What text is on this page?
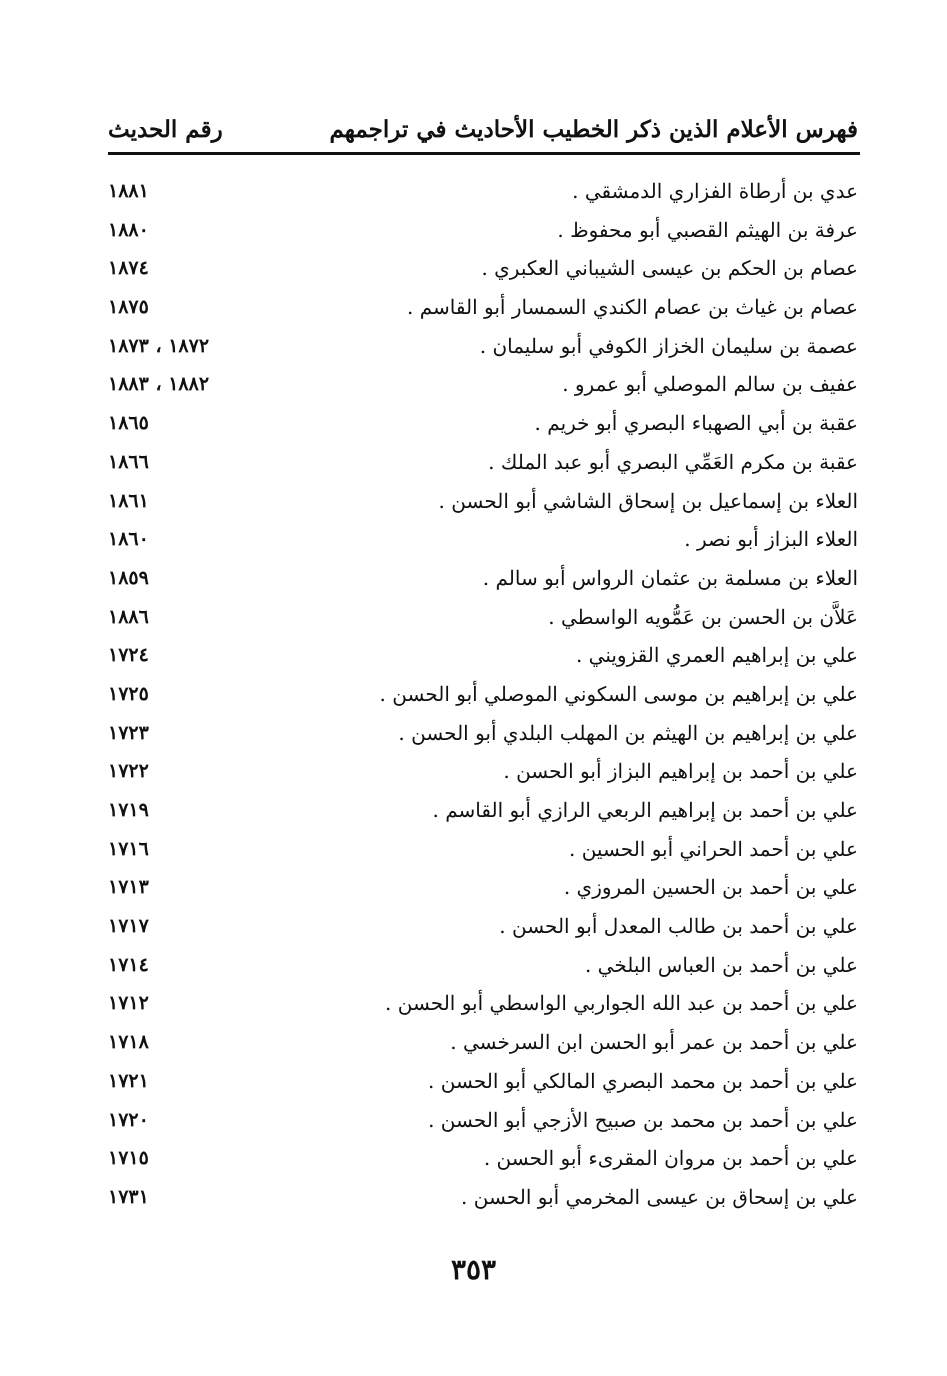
فهرس الأعلام الذين ذكر الخطيب الأحاديث في تراجمهم
رقم الحديث
عدي بن أرطاة الفزاري الدمشقي .
١٨٨١
عرفة بن الهيثم القصبي أبو محفوظ .
١٨٨٠
عصام بن الحكم بن عيسى الشيباني العكبري .
١٨٧٤
عصام بن غياث بن عصام الكندي السمسار أبو القاسم .
١٨٧٥
عصمة بن سليمان الخزاز الكوفي أبو سليمان .
١٨٧٢ ، ١٨٧٣
عفيف بن سالم الموصلي أبو عمرو .
١٨٨٢ ، ١٨٨٣
عقبة بن أبي الصهباء البصري أبو خريم .
١٨٦٥
عقبة بن مكرم العَمِّي البصري أبو عبد الملك .
١٨٦٦
العلاء بن إسماعيل بن إسحاق الشاشي أبو الحسن .
١٨٦١
العلاء البزاز أبو نصر .
١٨٦٠
العلاء بن مسلمة بن عثمان الرواس أبو سالم .
١٨٥٩
عَلاَّن بن الحسن بن عَمُّويه الواسطي .
١٨٨٦
علي بن إبراهيم العمري القزويني .
١٧٢٤
علي بن إبراهيم بن موسى السكوني الموصلي أبو الحسن .
١٧٢٥
علي بن إبراهيم بن الهيثم بن المهلب البلدي أبو الحسن .
١٧٢٣
علي بن أحمد بن إبراهيم البزاز أبو الحسن .
١٧٢٢
علي بن أحمد بن إبراهيم الربعي الرازي أبو القاسم .
١٧١٩
علي بن أحمد الحراني أبو الحسين .
١٧١٦
علي بن أحمد بن الحسين المروزي .
١٧١٣
علي بن أحمد بن طالب المعدل أبو الحسن .
١٧١٧
علي بن أحمد بن العباس البلخي .
١٧١٤
علي بن أحمد بن عبد الله الجواربي الواسطي أبو الحسن .
١٧١٢
علي بن أحمد بن عمر أبو الحسن ابن السرخسي .
١٧١٨
علي بن أحمد بن محمد البصري المالكي أبو الحسن .
١٧٢١
علي بن أحمد بن محمد بن صبيح الأزجي أبو الحسن .
١٧٢٠
علي بن أحمد بن مروان المقرىء أبو الحسن .
١٧١٥
علي بن إسحاق بن عيسى المخرمي أبو الحسن .
١٧٣١
٣٥٣
